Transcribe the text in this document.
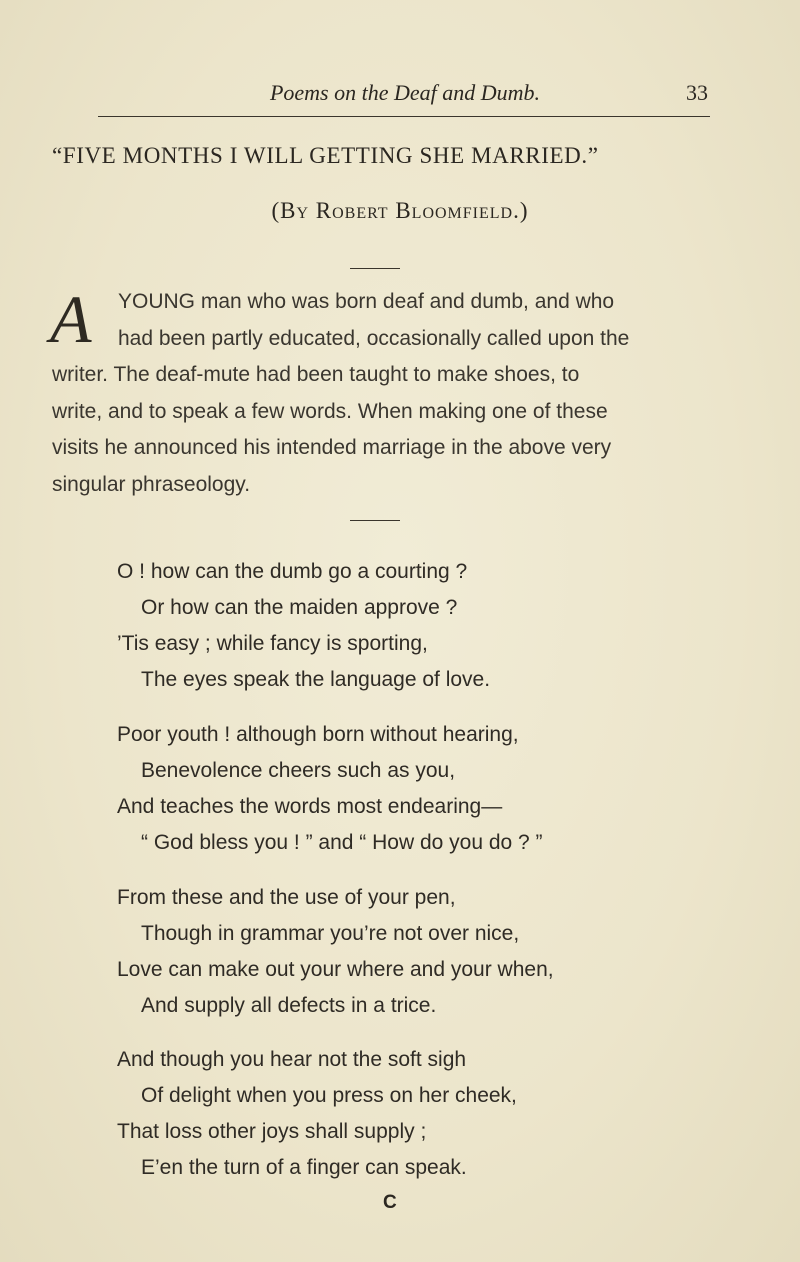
Poems on the Deaf and Dumb.	33
“FIVE MONTHS I WILL GETTING SHE MARRIED.”
(By Robert Bloomfield.)
A YOUNG man who was born deaf and dumb, and who
had been partly educated, occasionally called upon the
writer. The deaf-mute had been taught to make shoes, to
write, and to speak a few words. When making one of these
visits he announced his intended marriage in the above very
singular phraseology.
O ! how can the dumb go a courting ?
Or how can the maiden approve ?
’Tis easy ; while fancy is sporting,
The eyes speak the language of love.
Poor youth ! although born without hearing,
Benevolence cheers such as you,
And teaches the words most endearing—
“ God bless you ! ” and “ How do you do ? ”
From these and the use of your pen,
Though in grammar you’re not over nice,
Love can make out your where and your when,
And supply all defects in a trice.
And though you hear not the soft sigh
Of delight when you press on her cheek,
That loss other joys shall supply ;
E’en the turn of a finger can speak.
C
